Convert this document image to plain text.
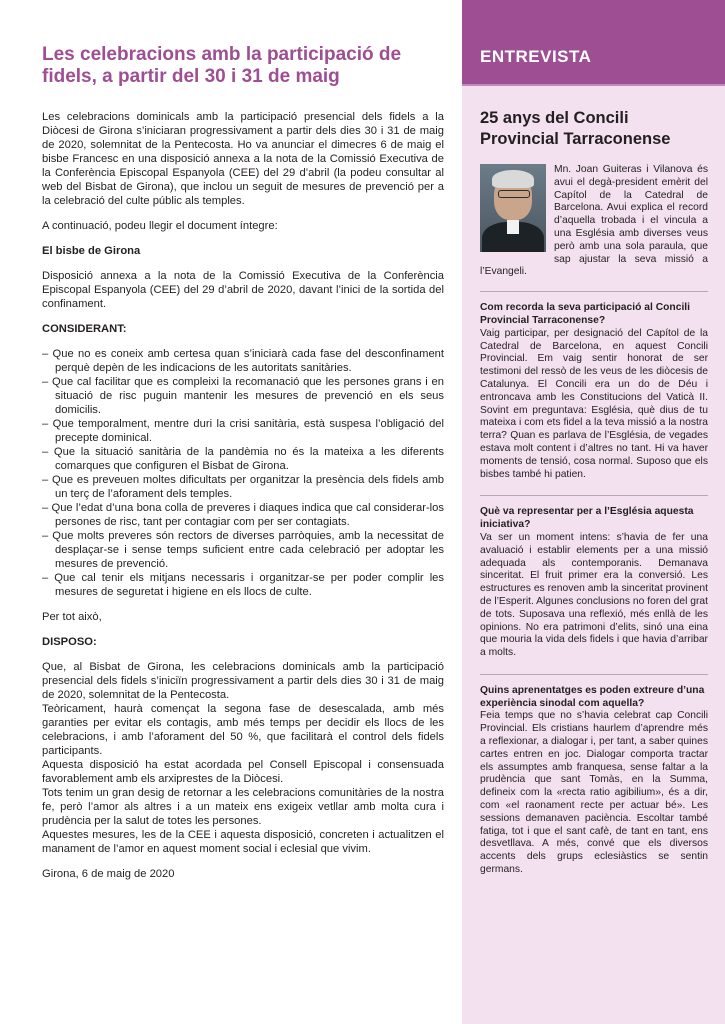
Les celebracions amb la participació de fidels, a partir del 30 i 31 de maig

Les celebracions dominicals amb la participació presencial dels fidels a la Diòcesi de Girona s’iniciaran progressivament a partir dels dies 30 i 31 de maig de 2020, solemnitat de la Pentecosta. Ho va anunciar el dimecres 6 de maig el bisbe Francesc en una disposició annexa a la nota de la Comissió Executiva de la Conferència Episcopal Espanyola (CEE) del 29 d’abril (la podeu consultar al web del Bisbat de Girona), que inclou un seguit de mesures de prevenció per a la celebració del culte públic als temples.

A continuació, podeu llegir el document íntegre:

El bisbe de Girona

Disposició annexa a la nota de la Comissió Executiva de la Conferència Episcopal Espanyola (CEE) del 29 d’abril de 2020, davant l’inici de la sortida del confinament.

CONSIDERANT:

– Que no es coneix amb certesa quan s’iniciarà cada fase del desconfinament perquè depèn de les indicacions de les autoritats sanitàries.
– Que cal facilitar que es compleixi la recomanació que les persones grans i en situació de risc puguin mantenir les mesures de prevenció en els seus domicilis.
– Que temporalment, mentre duri la crisi sanitària, està suspesa l’obligació del precepte dominical.
– Que la situació sanitària de la pandèmia no és la mateixa a les diferents comarques que configuren el Bisbat de Girona.
– Que es preveuen moltes dificultats per organitzar la presència dels fidels amb un terç de l’aforament dels temples.
– Que l’edat d’una bona colla de preveres i diaques indica que cal considerar-los persones de risc, tant per contagiar com per ser contagiats.
– Que molts preveres són rectors de diverses parròquies, amb la necessitat de desplaçar-se i sense temps suficient entre cada celebració per adoptar les mesures de prevenció.
– Que cal tenir els mitjans necessaris i organitzar-se per poder complir les mesures de seguretat i higiene en els llocs de culte.

Per tot això,

DISPOSO:

Que, al Bisbat de Girona, les celebracions dominicals amb la participació presencial dels fidels s’iniciïn progressivament a partir dels dies 30 i 31 de maig de 2020, solemnitat de la Pentecosta.

Teòricament, haurà començat la segona fase de desescalada, amb més garanties per evitar els contagis, amb més temps per decidir els llocs de les celebracions, i amb l’aforament del 50 %, que facilitarà el control dels fidels participants.

Aquesta disposició ha estat acordada pel Consell Episcopal i consensuada favorablement amb els arxiprestes de la Diòcesi.

Tots tenim un gran desig de retornar a les celebracions comunitàries de la nostra fe, però l’amor als altres i a un mateix ens exigeix vetllar amb molta cura i prudència per la salut de totes les persones.

Aquestes mesures, les de la CEE i aquesta disposició, concreten i actualitzen el manament de l’amor en aquest moment social i eclesial que vivim.

Girona, 6 de maig de 2020
ENTREVISTA
25 anys del Concili Provincial Tarraconense
Mn. Joan Guiteras i Vilanova és avui el degà-president emèrit del Capítol de la Catedral de Barcelona. Avui explica el record d’aquella trobada i el vincula a una Església amb diverses veus però amb una sola paraula, que sap ajustar la seva missió a l’Evangeli.

Com recorda la seva participació al Concili Provincial Tarraconense?

Vaig participar, per designació del Capítol de la Catedral de Barcelona, en aquest Concili Provincial. Em vaig sentir honorat de ser testimoni del ressò de les veus de les diòcesis de Catalunya. El Concili era un do de Déu i entroncava amb les Constitucions del Vaticà II. Sovint em preguntava: Església, què dius de tu mateixa i com ets fidel a la teva missió a la nostra terra? Quan es parlava de l’Església, de vegades estava molt content i d’altres no tant. Hi va haver moments de tensió, cosa normal. Suposo que els bisbes també hi patien.

Què va representar per a l’Església aquesta iniciativa?

Va ser un moment intens: s’havia de fer una avaluació i establir elements per a una missió adequada als contemporanis. Demanava sinceritat. El fruit primer era la conversió. Les estructures es renoven amb la sinceritat provinent de l’Esperit. Algunes conclusions no foren del grat de tots. Suposava una reflexió, més enllà de les opinions. No era patrimoni d’elits, sinó una eina que mouria la vida dels fidels i que havia d’arribar a molts.

Quins aprenentatges es poden extreure d’una experiència sinodal com aquella?

Feia temps que no s’havia celebrat cap Concili Provincial. Els cristians haurlem d’aprendre més a reflexionar, a dialogar i, per tant, a saber quines cartes entren en joc. Dialogar comporta tractar els assumptes amb franquesa, sense faltar a la prudència que sant Tomàs, en la Summa, defineix com la «recta ratio agibilium», és a dir, com «el raonament recte per actuar bé». Les sessions demanaven paciència. Escoltar també fatiga, tot i que el sant cafè, de tant en tant, ens desvetllava. A més, convé que els diversos accents dels grups eclesiàstics se sentin germans.
